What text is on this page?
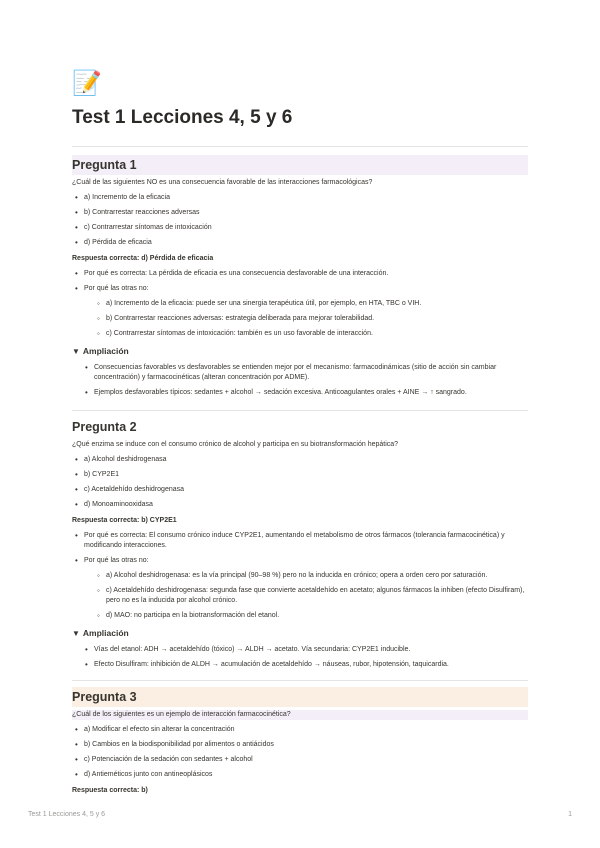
📝
Test 1 Lecciones 4, 5 y 6
Pregunta 1
¿Cuál de las siguientes NO es una consecuencia favorable de las interacciones farmacológicas?
• a) Incremento de la eficacia
• b) Contrarrestar reacciones adversas
• c) Contrarrestar síntomas de intoxicación
• d) Pérdida de eficacia
Respuesta correcta: d) Pérdida de eficacia
• Por qué es correcta: La pérdida de eficacia es una consecuencia desfavorable de una interacción.
• Por qué las otras no:
◦ a) Incremento de la eficacia: puede ser una sinergia terapéutica útil, por ejemplo, en HTA, TBC o VIH.
◦ b) Contrarrestar reacciones adversas: estrategia deliberada para mejorar tolerabilidad.
◦ c) Contrarrestar síntomas de intoxicación: también es un uso favorable de interacción.
▼ Ampliación
• Consecuencias favorables vs desfavorables se entienden mejor por el mecanismo: farmacodinámicas (sitio de acción sin cambiar concentración) y farmacocinéticas (alteran concentración por ADME).
• Ejemplos desfavorables típicos: sedantes + alcohol → sedación excesiva. Anticoagulantes orales + AINE → ↑ sangrado.
Pregunta 2
¿Qué enzima se induce con el consumo crónico de alcohol y participa en su biotransformación hepática?
• a) Alcohol deshidrogenasa
• b) CYP2E1
• c) Acetaldehído deshidrogenasa
• d) Monoaminooxidasa
Respuesta correcta: b) CYP2E1
• Por qué es correcta: El consumo crónico induce CYP2E1, aumentando el metabolismo de otros fármacos (tolerancia farmacocinética) y modificando interacciones.
• Por qué las otras no:
◦ a) Alcohol deshidrogenasa: es la vía principal (90–98 %) pero no la inducida en crónico; opera a orden cero por saturación.
◦ c) Acetaldehído deshidrogenasa: segunda fase que convierte acetaldehído en acetato; algunos fármacos la inhiben (efecto Disulfiram), pero no es la inducida por alcohol crónico.
◦ d) MAO: no participa en la biotransformación del etanol.
▼ Ampliación
• Vías del etanol: ADH → acetaldehído (tóxico) → ALDH → acetato. Vía secundaria: CYP2E1 inducible.
• Efecto Disulfiram: inhibición de ALDH → acumulación de acetaldehído → náuseas, rubor, hipotensión, taquicardia.
Pregunta 3
¿Cuál de los siguientes es un ejemplo de interacción farmacocinética?
• a) Modificar el efecto sin alterar la concentración
• b) Cambios en la biodisponibilidad por alimentos o antiácidos
• c) Potenciación de la sedación con sedantes + alcohol
• d) Antieméticos junto con antineoplásicos
Respuesta correcta: b)
Test 1 Lecciones 4, 5 y 6	1
